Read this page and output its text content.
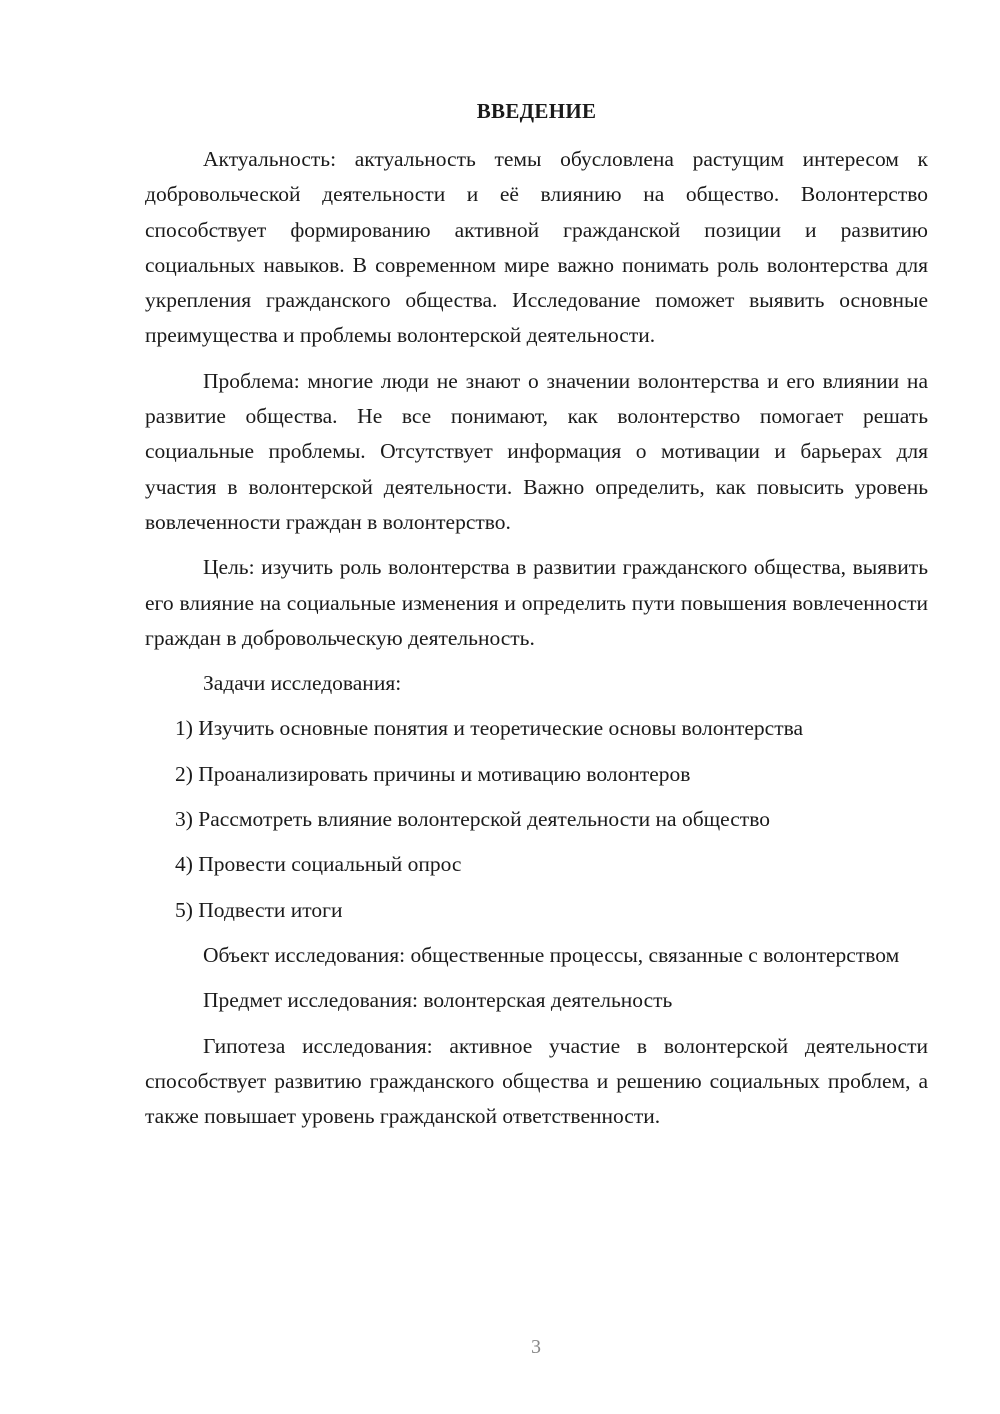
ВВЕДЕНИЕ

Актуальность: актуальность темы обусловлена растущим интересом к добровольческой деятельности и её влиянию на общество. Волонтерство способствует формированию активной гражданской позиции и развитию социальных навыков. В современном мире важно понимать роль волонтерства для укрепления гражданского общества. Исследование поможет выявить основные преимущества и проблемы волонтерской деятельности.

Проблема: многие люди не знают о значении волонтерства и его влиянии на развитие общества. Не все понимают, как волонтерство помогает решать социальные проблемы. Отсутствует информация о мотивации и барьерах для участия в волонтерской деятельности. Важно определить, как повысить уровень вовлеченности граждан в волонтерство.

Цель: изучить роль волонтерства в развитии гражданского общества, выявить его влияние на социальные изменения и определить пути повышения вовлеченности граждан в добровольческую деятельность.

Задачи исследования:

1) Изучить основные понятия и теоретические основы волонтерства

2) Проанализировать причины и мотивацию волонтеров

3) Рассмотреть влияние волонтерской деятельности на общество

4) Провести социальный опрос

5) Подвести итоги

Объект исследования: общественные процессы, связанные с волонтерством

Предмет исследования: волонтерская деятельность

Гипотеза исследования: активное участие в волонтерской деятельности способствует развитию гражданского общества и решению социальных проблем, а также повышает уровень гражданской ответственности.

3
